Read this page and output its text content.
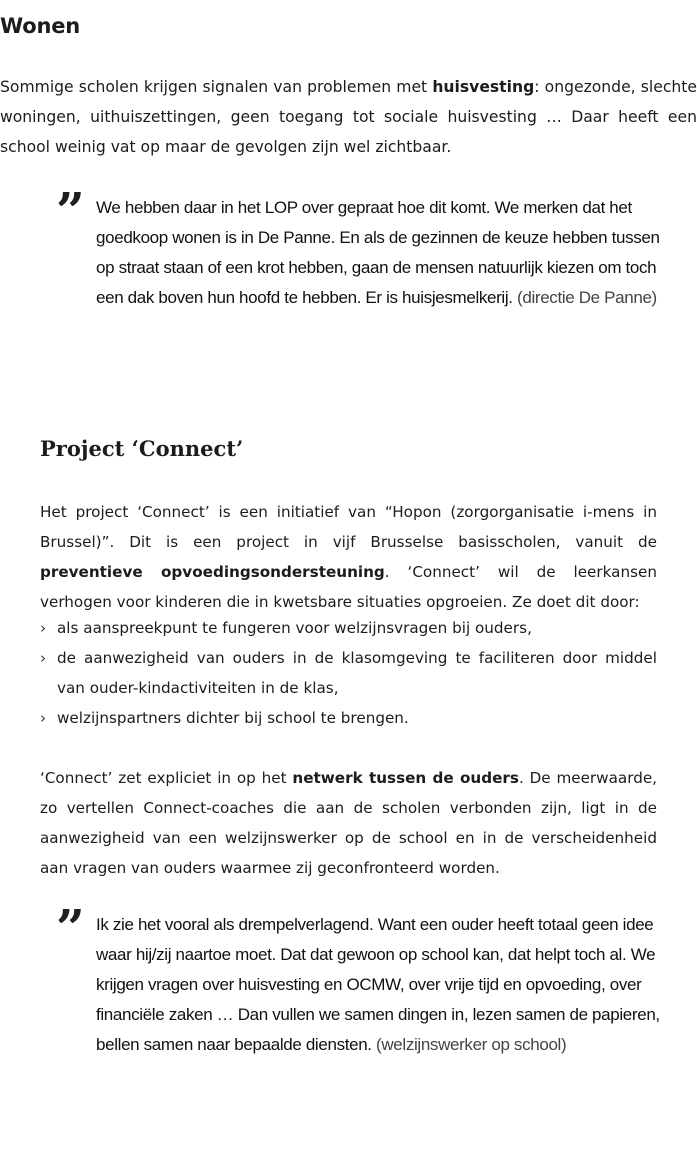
Wonen

Sommige scholen krijgen signalen van problemen met huisvesting: ongezonde, slechte woningen, uithuiszettingen, geen toegang tot sociale huisvesting … Daar heeft een school weinig vat op maar de gevolgen zijn wel zichtbaar.

” We hebben daar in het LOP over gepraat hoe dit komt. We merken dat het goedkoop wonen is in De Panne. En als de gezinnen de keuze hebben tussen op straat staan of een krot hebben, gaan de mensen natuurlijk kiezen om toch een dak boven hun hoofd te hebben. Er is huisjesmelkerij. (directie De Panne)

Project ‘Connect’

Het project ‘Connect’ is een initiatief van “Hopon (zorgorganisatie i-mens in Brussel)”. Dit is een project in vijf Brusselse basisscholen, vanuit de preventieve opvoedingsondersteuning. ‘Connect’ wil de leerkansen verhogen voor kinderen die in kwetsbare situaties opgroeien. Ze doet dit door:

› als aanspreekpunt te fungeren voor welzijnsvragen bij ouders,
› de aanwezigheid van ouders in de klasomgeving te faciliteren door middel van ouder-kindactiviteiten in de klas,
› welzijnspartners dichter bij school te brengen.

‘Connect’ zet expliciet in op het netwerk tussen de ouders. De meerwaarde, zo vertellen Connect-coaches die aan de scholen verbonden zijn, ligt in de aanwezigheid van een welzijnswerker op de school en in de verscheidenheid aan vragen van ouders waarmee zij geconfronteerd worden.

” Ik zie het vooral als drempelverlagend. Want een ouder heeft totaal geen idee waar hij/zij naartoe moet. Dat dat gewoon op school kan, dat helpt toch al. We krijgen vragen over huisvesting en OCMW, over vrije tijd en opvoeding, over financiële zaken … Dan vullen we samen dingen in, lezen samen de papieren, bellen samen naar bepaalde diensten. (welzijnswerker op school)
